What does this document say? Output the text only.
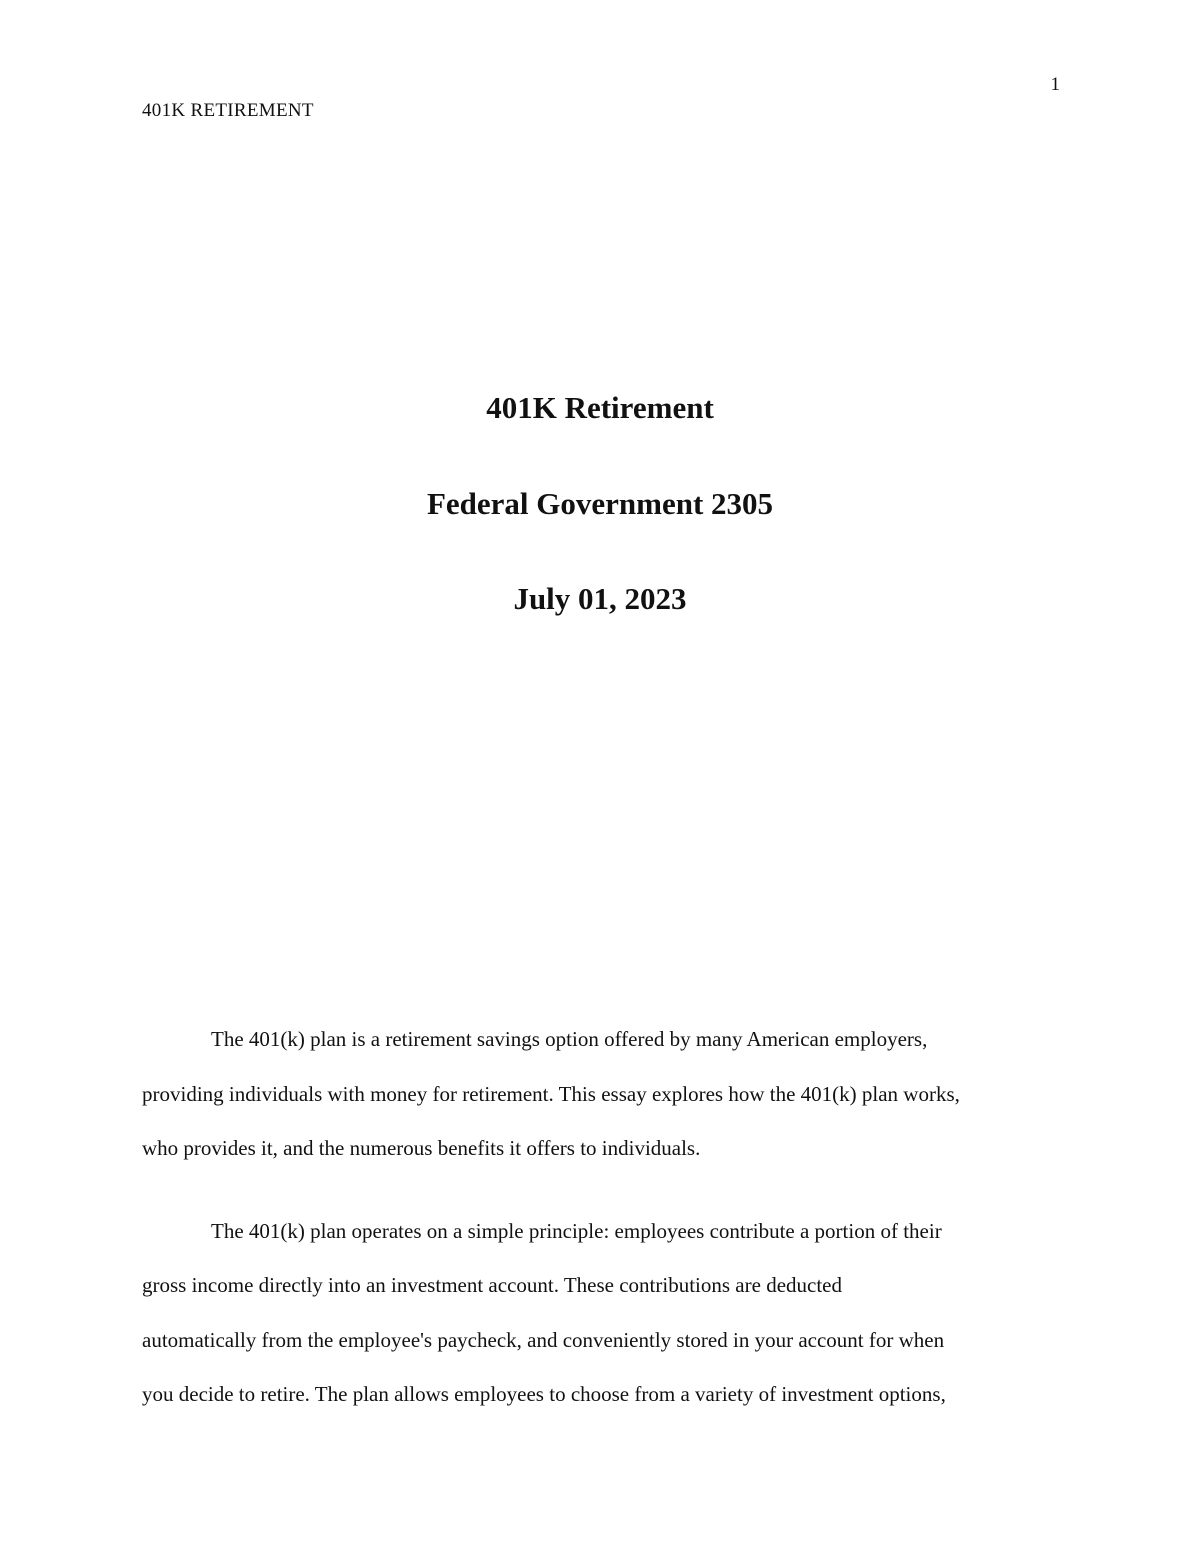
401K RETIREMENT
1
401K Retirement
Federal Government 2305
July 01, 2023
The 401(k) plan is a retirement savings option offered by many American employers,
providing individuals with money for retirement. This essay explores how the 401(k) plan works,
who provides it, and the numerous benefits it offers to individuals.
The 401(k) plan operates on a simple principle: employees contribute a portion of their
gross income directly into an investment account. These contributions are deducted
automatically from the employee's paycheck, and conveniently stored in your account for when
you decide to retire. The plan allows employees to choose from a variety of investment options,
